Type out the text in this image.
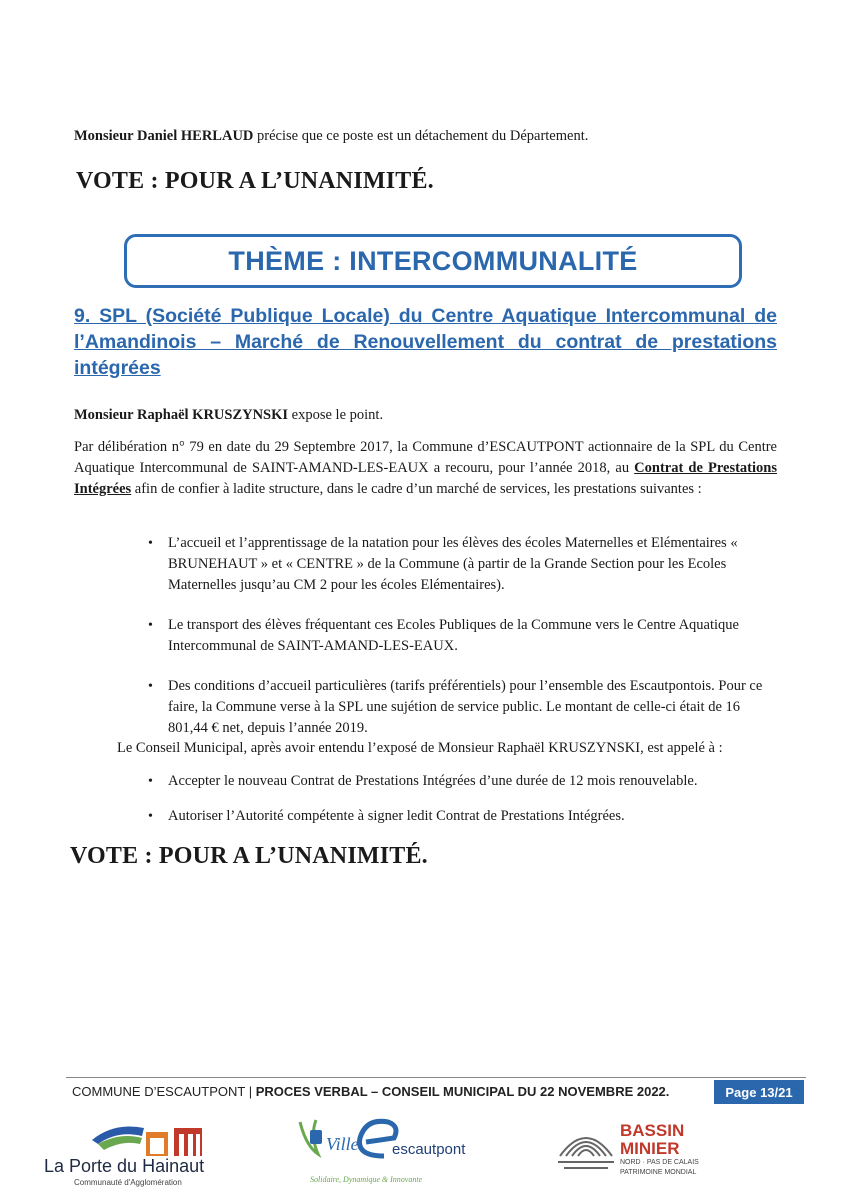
Monsieur Daniel HERLAUD précise que ce poste est un détachement du Département.
VOTE : POUR A L’UNANIMITÉ.
THÈME : INTERCOMMUNALITÉ
9. SPL (Société Publique Locale) du Centre Aquatique Intercommunal de l’Amandinois – Marché de Renouvellement du contrat de prestations intégrées
Monsieur Raphaël KRUSZYNSKI expose le point.
Par délibération n° 79 en date du 29 Septembre 2017, la Commune d’ESCAUTPONT actionnaire de la SPL du Centre Aquatique Intercommunal de SAINT-AMAND-LES-EAUX a recouru, pour l’année 2018, au Contrat de Prestations Intégrées afin de confier à ladite structure, dans le cadre d’un marché de services, les prestations suivantes :
• L’accueil et l’apprentissage de la natation pour les élèves des écoles Maternelles et Elémentaires « BRUNEHAUT » et « CENTRE » de la Commune (à partir de la Grande Section pour les Ecoles Maternelles jusqu’au CM 2 pour les écoles Elémentaires).
• Le transport des élèves fréquentant ces Ecoles Publiques de la Commune vers le Centre Aquatique Intercommunal de SAINT-AMAND-LES-EAUX.
• Des conditions d’accueil particulières (tarifs préférentiels) pour l’ensemble des Escautpontois. Pour ce faire, la Commune verse à la SPL une sujétion de service public. Le montant de celle-ci était de 16 801,44 € net, depuis l’année 2019.
Le Conseil Municipal, après avoir entendu l’exposé de Monsieur Raphaël KRUSZYNSKI, est appelé à :
• Accepter le nouveau Contrat de Prestations Intégrées d’une durée de 12 mois renouvelable.
• Autoriser l’Autorité compétente à signer ledit Contrat de Prestations Intégrées.
VOTE : POUR A L’UNANIMITÉ.
COMMUNE D’ESCAUTPONT | PROCES VERBAL – CONSEIL MUNICIPAL DU 22 NOVEMBRE 2022.	Page 13/21
La Porte du Hainaut
Communauté d'Agglomération
Ville escautpont
Solidaire, Dynamique & Innovante
BASSIN
MINIER
NORD · PAS DE CALAIS
PATRIMOINE MONDIAL
